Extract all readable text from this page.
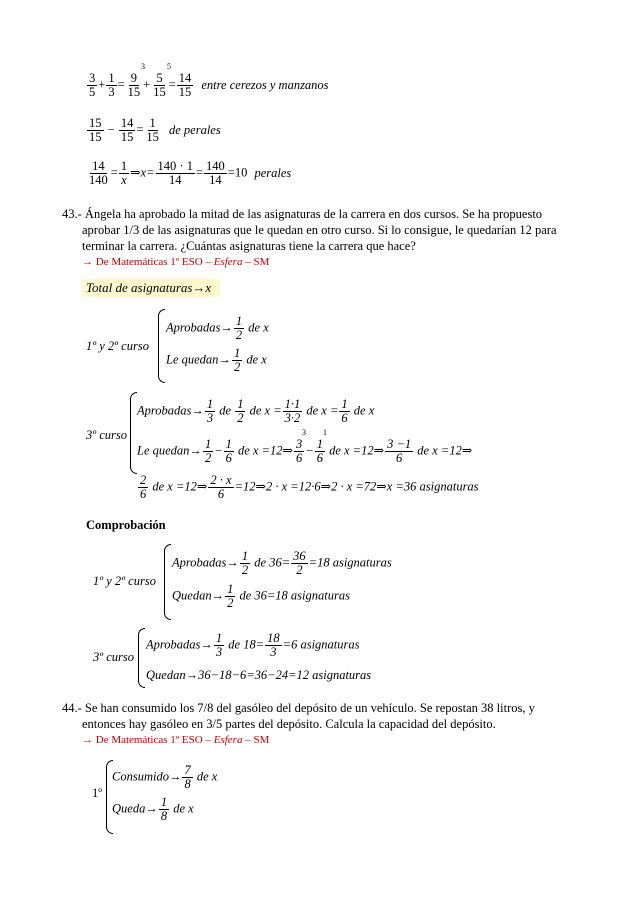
3	5
$\frac{3}{5} + \frac{1}{3} = \frac{9}{15} + \frac{5}{15} = \frac{14}{15}$ entre cerezos y manzanos
$\frac{15}{15} - \frac{14}{15} = \frac{1}{15}$ de perales
$\frac{14}{140} = \frac{1}{x}$ ⇒x= $\frac{140 \cdot 1}{14} = \frac{140}{14} =10$ perales
43.- Ángela ha aprobado la mitad de las asignaturas de la carrera en dos cursos. Se ha propuesto
aprobar 1/3 de las asignaturas que le quedan en otro curso. Si lo consigue, le quedarían 12 para
terminar la carrera. ¿Cuántas asignaturas tiene la carrera que hace?
→ De Matemáticas 1º ESO – Esfera – SM
Total de asignaturas→x
1º y 2º curso
Aprobadas→ $\frac{1}{2}$ de x
Le quedan→ $\frac{1}{2}$ de x
3º curso
Aprobadas→ $\frac{1}{3}$ de $\frac{1}{2}$ de $x = \frac{1\cdot 1}{3\cdot 2}$ de $x = \frac{1}{6}$ de x
3 1
Le quedan→ $\frac{1}{2} - \frac{1}{6}$ de x =12⇒ $\frac{3}{6} - \frac{1}{6}$ de x =12⇒ $\frac{3 -1}{6}$ de x =12⇒
$\frac{2}{6}$ de x =12⇒ $\frac{2 \cdot x}{6}$ =12⇒2 · x =12·6⇒2 · x =72⇒x =36 asignaturas
Comprobación
1º y 2º curso
Aprobadas→ $\frac{1}{2}$ de $36= \frac{36}{2} =18$ asignaturas
Quedan→ $\frac{1}{2}$ de 36=18 asignaturas
3º curso
Aprobadas→ $\frac{1}{3}$ de $18= \frac{18}{3} =6$ asignaturas
Quedan→36−18−6=36−24=12 asignaturas
44.- Se han consumido los 7/8 del gasóleo del depósito de un vehículo. Se repostan 38 litros, y
entonces hay gasóleo en 3/5 partes del depósito. Calcula la capacidad del depósito.
→ De Matemáticas 1º ESO – Esfera – SM
1º
Consumido→ $\frac{7}{8}$ de x
Queda→ $\frac{1}{8}$ de x
